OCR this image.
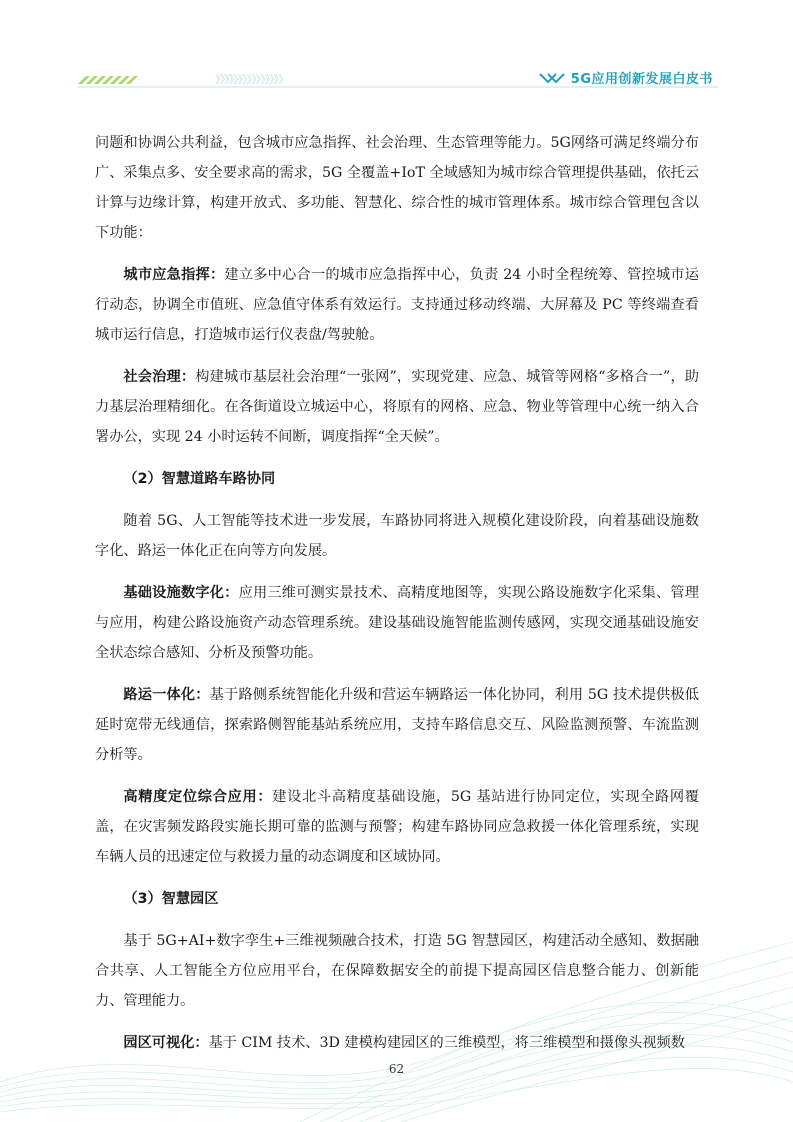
》》》》》》》》》》》》》》》	5G应用创新发展白皮书

问题和协调公共利益，包含城市应急指挥、社会治理、生态管理等能力。5G网络可满足终端分布广、采集点多、安全要求高的需求，5G 全覆盖+IoT 全域感知为城市综合管理提供基础，依托云计算与边缘计算，构建开放式、多功能、智慧化、综合性的城市管理体系。城市综合管理包含以下功能：

城市应急指挥：建立多中心合一的城市应急指挥中心，负责 24 小时全程统筹、管控城市运行动态，协调全市值班、应急值守体系有效运行。支持通过移动终端、大屏幕及 PC 等终端查看城市运行信息，打造城市运行仪表盘/驾驶舱。

社会治理：构建城市基层社会治理“一张网”，实现党建、应急、城管等网格“多格合一”，助力基层治理精细化。在各街道设立城运中心，将原有的网格、应急、物业等管理中心统一纳入合署办公，实现 24 小时运转不间断，调度指挥“全天候”。

（2）智慧道路车路协同

随着 5G、人工智能等技术进一步发展，车路协同将进入规模化建设阶段，向着基础设施数字化、路运一体化正在向等方向发展。

基础设施数字化：应用三维可测实景技术、高精度地图等，实现公路设施数字化采集、管理与应用，构建公路设施资产动态管理系统。建设基础设施智能监测传感网，实现交通基础设施安全状态综合感知、分析及预警功能。

路运一体化：基于路侧系统智能化升级和营运车辆路运一体化协同，利用 5G 技术提供极低延时宽带无线通信，探索路侧智能基站系统应用，支持车路信息交互、风险监测预警、车流监测分析等。

高精度定位综合应用：建设北斗高精度基础设施，5G 基站进行协同定位，实现全路网覆盖，在灾害频发路段实施长期可靠的监测与预警；构建车路协同应急救援一体化管理系统，实现车辆人员的迅速定位与救援力量的动态调度和区域协同。

（3）智慧园区

基于 5G+AI+数字孪生+三维视频融合技术，打造 5G 智慧园区，构建活动全感知、数据融合共享、人工智能全方位应用平台，在保障数据安全的前提下提高园区信息整合能力、创新能力、管理能力。

园区可视化：基于 CIM 技术、3D 建模构建园区的三维模型，将三维模型和摄像头视频数

62
